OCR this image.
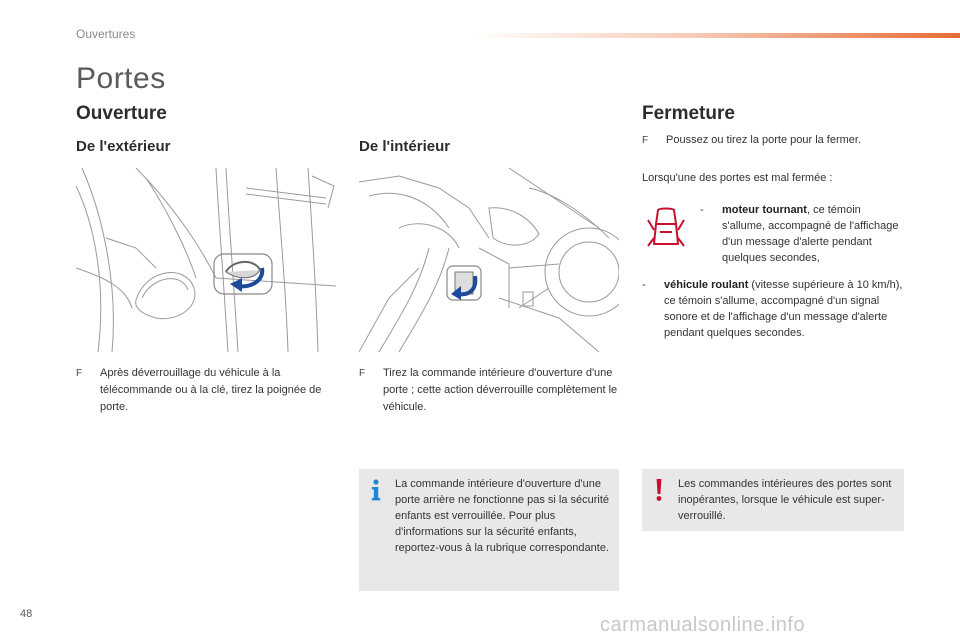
Ouvertures
Portes
Ouverture
De l'extérieur	De l'intérieur
F	Après déverrouillage du véhicule à la télécommande ou à la clé, tirez la poignée de porte.
F	Tirez la commande intérieure d'ouverture d'une porte ; cette action déverrouille complètement le véhicule.
La commande intérieure d'ouverture d'une porte arrière ne fonctionne pas si la sécurité enfants est verrouillée. Pour plus d'informations sur la sécurité enfants, reportez-vous à la rubrique correspondante.
Fermeture
F	Poussez ou tirez la porte pour la fermer.
Lorsqu'une des portes est mal fermée :
-	moteur tournant, ce témoin s'allume, accompagné de l'affichage d'un message d'alerte pendant quelques secondes,
-	véhicule roulant (vitesse supérieure à 10 km/h), ce témoin s'allume, accompagné d'un signal sonore et de l'affichage d'un message d'alerte pendant quelques secondes.
Les commandes intérieures des portes sont inopérantes, lorsque le véhicule est super-verrouillé.
48	carmanualsonline.info
